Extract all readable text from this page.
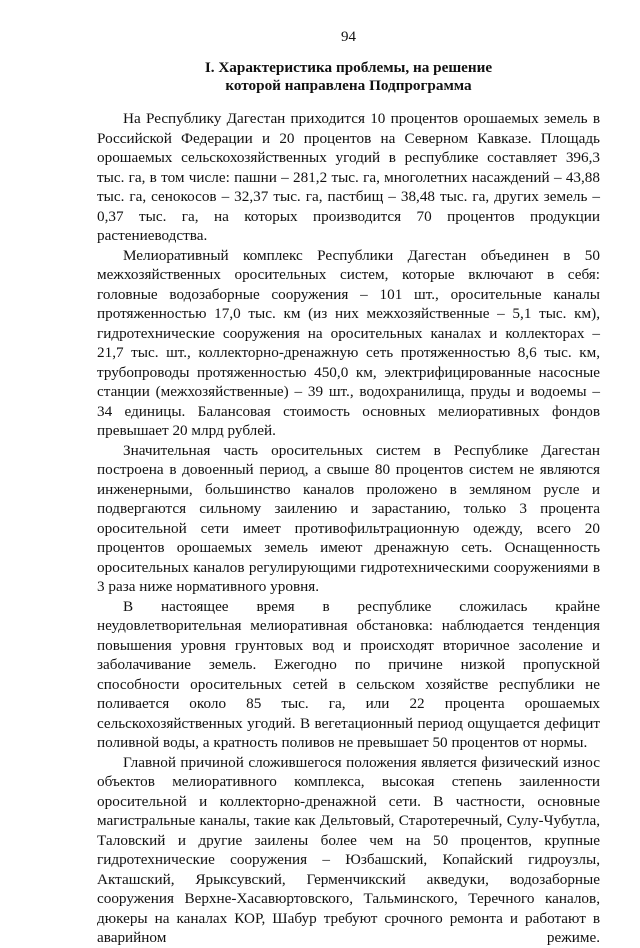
94
I. Характеристика проблемы, на решение
которой направлена Подпрограмма

На Республику Дагестан приходится 10 процентов орошаемых земель в Российской Федерации и 20 процентов на Северном Кавказе. Площадь орошаемых сельскохозяйственных угодий в республике составляет 396,3 тыс. га, в том числе: пашни – 281,2 тыс. га, многолетних насаждений – 43,88 тыс. га, сенокосов – 32,37 тыс. га, пастбищ – 38,48 тыс. га, других земель – 0,37 тыс. га, на которых производится 70 процентов продукции растениеводства.

Мелиоративный комплекс Республики Дагестан объединен в 50 межхозяйственных оросительных систем, которые включают в себя: головные водозаборные сооружения – 101 шт., оросительные каналы протяженностью 17,0 тыс. км (из них межхозяйственные – 5,1 тыс. км), гидротехнические сооружения на оросительных каналах и коллекторах – 21,7 тыс. шт., коллекторно-дренажную сеть протяженностью 8,6 тыс. км, трубопроводы протяженностью 450,0 км, электрифицированные насосные станции (межхозяйственные) – 39 шт., водохранилища, пруды и водоемы – 34 единицы. Балансовая стоимость основных мелиоративных фондов превышает 20 млрд рублей.

Значительная часть оросительных систем в Республике Дагестан построена в довоенный период, а свыше 80 процентов систем не являются инженерными, большинство каналов проложено в земляном русле и подвергаются сильному заилению и зарастанию, только 3 процента оросительной сети имеет противофильтрационную одежду, всего 20 процентов орошаемых земель имеют дренажную сеть. Оснащенность оросительных каналов регулирующими гидротехническими сооружениями в 3 раза ниже нормативного уровня.

В настоящее время в республике сложилась крайне неудовлетворительная мелиоративная обстановка: наблюдается тенденция повышения уровня грунтовых вод и происходят вторичное засоление и заболачивание земель. Ежегодно по причине низкой пропускной способности оросительных сетей в сельском хозяйстве республики не поливается около 85 тыс. га, или 22 процента орошаемых сельскохозяйственных угодий. В вегетационный период ощущается дефицит поливной воды, а кратность поливов не превышает 50 процентов от нормы.

Главной причиной сложившегося положения является физический износ объектов мелиоративного комплекса, высокая степень заиленности оросительной и коллекторно-дренажной сети. В частности, основные магистральные каналы, такие как Дельтовый, Старотеречный, Сулу-Чубутла, Таловский и другие заилены более чем на 50 процентов, крупные гидротехнические сооружения – Юзбашский, Копайский гидроузлы, Акташский, Ярыксувский, Герменчикский акведуки, водозаборные сооружения Верхне-Хасавюртовского, Тальминского, Теречного каналов, дюкеры на каналах КОР, Шабур требуют срочного ремонта и работают в аварийном режиме.
